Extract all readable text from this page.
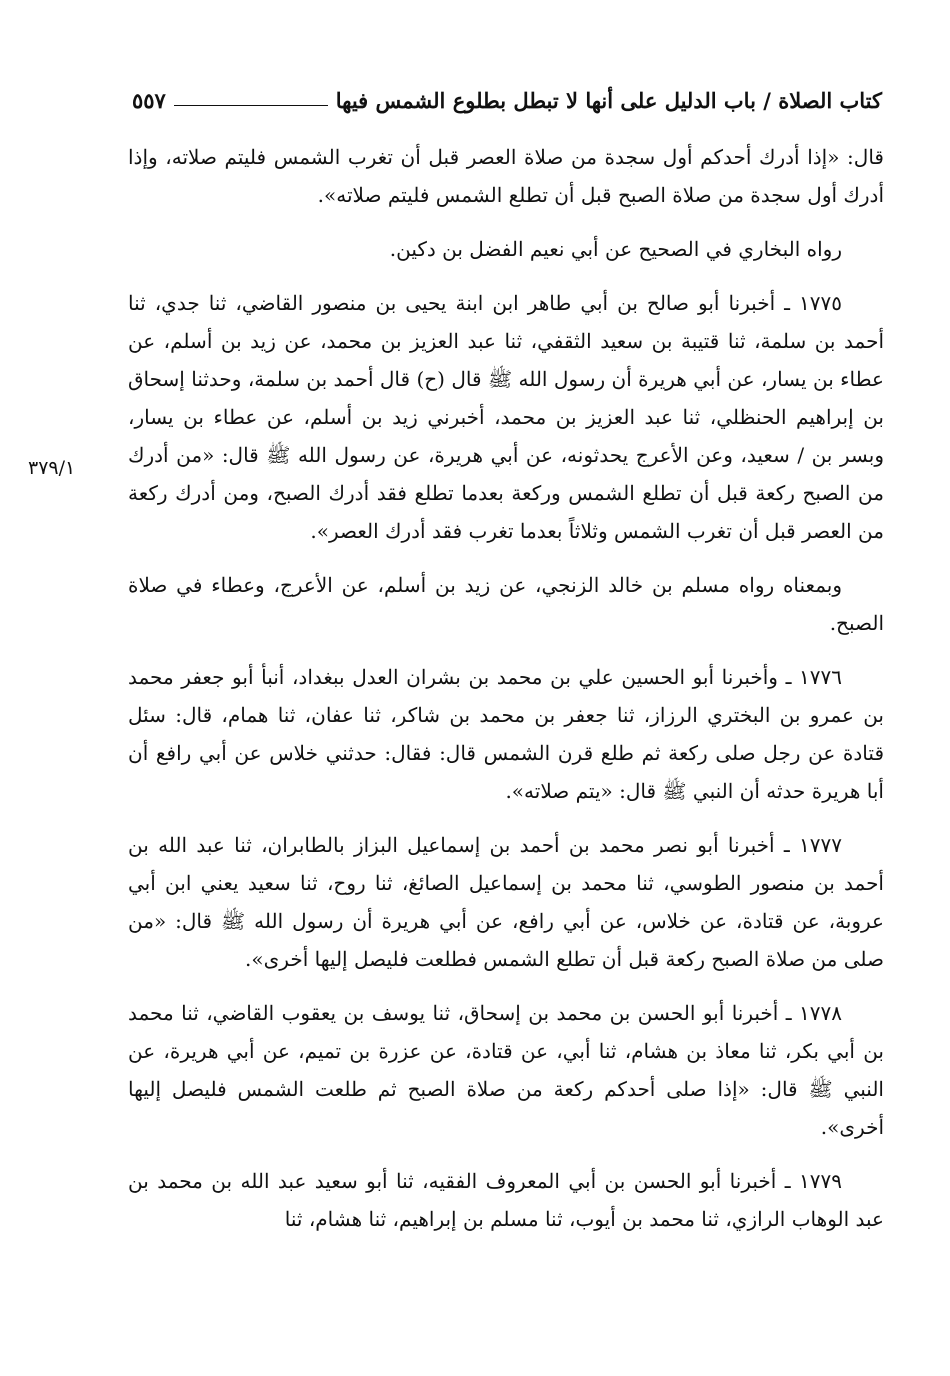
كتاب الصلاة / باب الدليل على أنها لا تبطل بطلوع الشمس فيها
٥٥٧
٣٧٩/١

قال: «إذا أدرك أحدكم أول سجدة من صلاة العصر قبل أن تغرب الشمس فليتم صلاته، وإذا أدرك أول سجدة من صلاة الصبح قبل أن تطلع الشمس فليتم صلاته».

رواه البخاري في الصحيح عن أبي نعيم الفضل بن دكين.

١٧٧٥ ـ أخبرنا أبو صالح بن أبي طاهر ابن ابنة يحيى بن منصور القاضي، ثنا جدي، ثنا أحمد بن سلمة، ثنا قتيبة بن سعيد الثقفي، ثنا عبد العزيز بن محمد، عن زيد بن أسلم، عن عطاء بن يسار، عن أبي هريرة أن رسول الله ﷺ قال (ح) قال أحمد بن سلمة، وحدثنا إسحاق بن إبراهيم الحنظلي، ثنا عبد العزيز بن محمد، أخبرني زيد بن أسلم، عن عطاء بن يسار، وبسر بن / سعيد، وعن الأعرج يحدثونه، عن أبي هريرة، عن رسول الله ﷺ قال: «من أدرك من الصبح ركعة قبل أن تطلع الشمس وركعة بعدما تطلع فقد أدرك الصبح، ومن أدرك ركعة من العصر قبل أن تغرب الشمس وثلاثاً بعدما تغرب فقد أدرك العصر».

وبمعناه رواه مسلم بن خالد الزنجي، عن زيد بن أسلم، عن الأعرج، وعطاء في صلاة الصبح.

١٧٧٦ ـ وأخبرنا أبو الحسين علي بن محمد بن بشران العدل ببغداد، أنبأ أبو جعفر محمد بن عمرو بن البختري الرزاز، ثنا جعفر بن محمد بن شاكر، ثنا عفان، ثنا همام، قال: سئل قتادة عن رجل صلى ركعة ثم طلع قرن الشمس قال: فقال: حدثني خلاس عن أبي رافع أن أبا هريرة حدثه أن النبي ﷺ قال: «يتم صلاته».

١٧٧٧ ـ أخبرنا أبو نصر محمد بن أحمد بن إسماعيل البزاز بالطابران، ثنا عبد الله بن أحمد بن منصور الطوسي، ثنا محمد بن إسماعيل الصائغ، ثنا روح، ثنا سعيد يعني ابن أبي عروبة، عن قتادة، عن خلاس، عن أبي رافع، عن أبي هريرة أن رسول الله ﷺ قال: «من صلى من صلاة الصبح ركعة قبل أن تطلع الشمس فطلعت فليصل إليها أخرى».

١٧٧٨ ـ أخبرنا أبو الحسن بن محمد بن إسحاق، ثنا يوسف بن يعقوب القاضي، ثنا محمد بن أبي بكر، ثنا معاذ بن هشام، ثنا أبي، عن قتادة، عن عزرة بن تميم، عن أبي هريرة، عن النبي ﷺ قال: «إذا صلى أحدكم ركعة من صلاة الصبح ثم طلعت الشمس فليصل إليها أخرى».

١٧٧٩ ـ أخبرنا أبو الحسن بن أبي المعروف الفقيه، ثنا أبو سعيد عبد الله بن محمد بن عبد الوهاب الرازي، ثنا محمد بن أيوب، ثنا مسلم بن إبراهيم، ثنا هشام، ثنا
